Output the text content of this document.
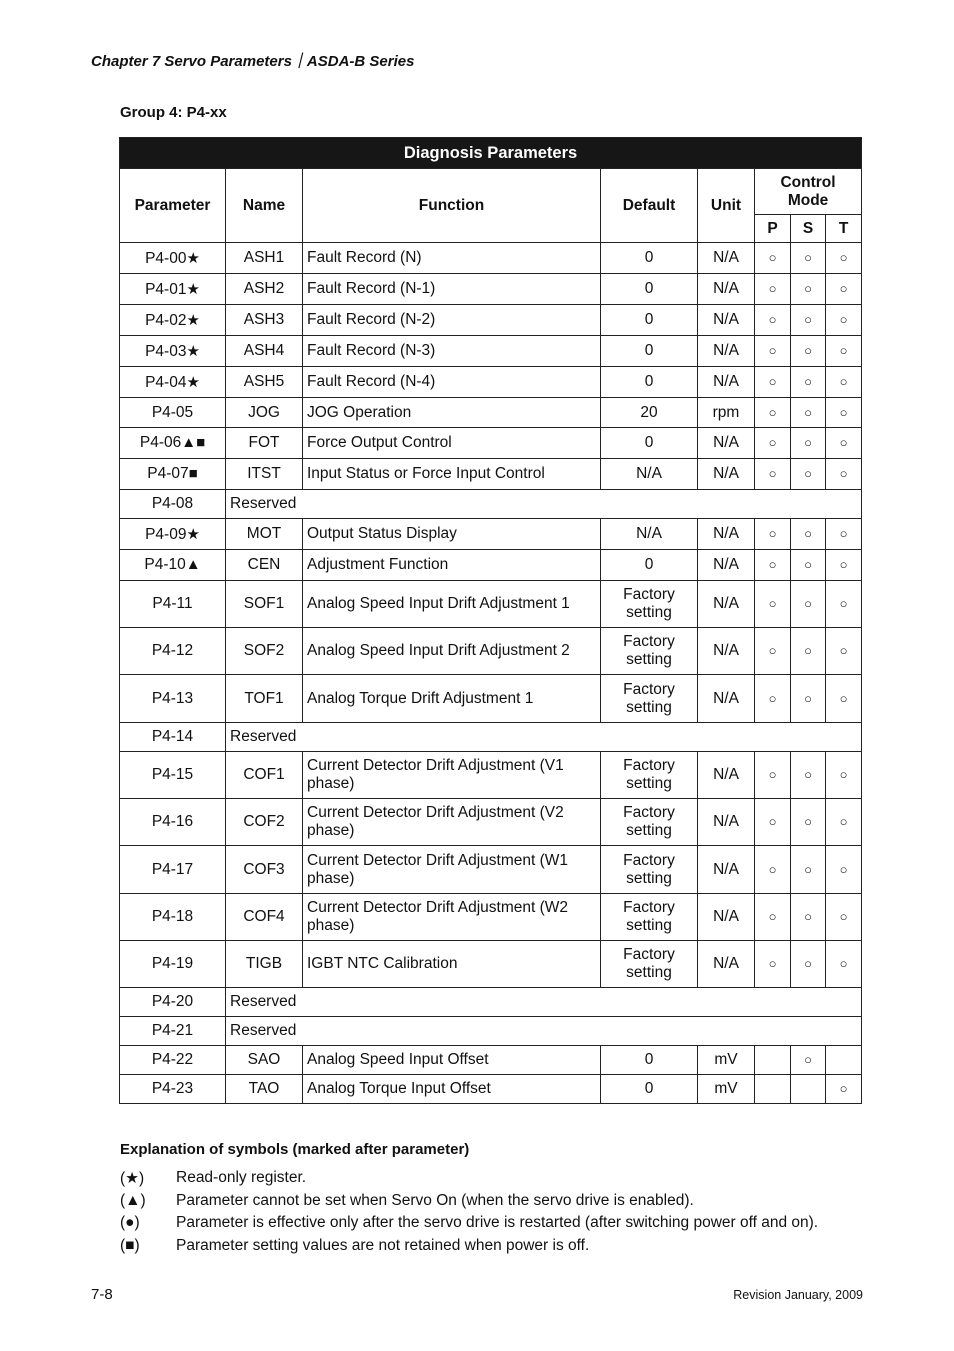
Chapter 7 Servo Parameters｜ASDA-B Series
Group 4: P4-xx
Diagnosis Parameters							
Parameter	Name	Function	Default	Unit	Control Mode		
					P	S	T
P4-00★	ASH1	Fault Record (N)	0	N/A	○	○	○
P4-01★	ASH2	Fault Record (N-1)	0	N/A	○	○	○
P4-02★	ASH3	Fault Record (N-2)	0	N/A	○	○	○
P4-03★	ASH4	Fault Record (N-3)	0	N/A	○	○	○
P4-04★	ASH5	Fault Record (N-4)	0	N/A	○	○	○
P4-05	JOG	JOG Operation	20	rpm	○	○	○
P4-06▲■	FOT	Force Output Control	0	N/A	○	○	○
P4-07■	ITST	Input Status or Force Input Control	N/A	N/A	○	○	○
P4-08	Reserved						
P4-09★	MOT	Output Status Display	N/A	N/A	○	○	○
P4-10▲	CEN	Adjustment Function	0	N/A	○	○	○
P4-11	SOF1	Analog Speed Input Drift Adjustment 1	Factory setting	N/A	○	○	○
P4-12	SOF2	Analog Speed Input Drift Adjustment 2	Factory setting	N/A	○	○	○
P4-13	TOF1	Analog Torque Drift Adjustment 1	Factory setting	N/A	○	○	○
P4-14	Reserved						
P4-15	COF1	Current Detector Drift Adjustment (V1 phase)	Factory setting	N/A	○	○	○
P4-16	COF2	Current Detector Drift Adjustment (V2 phase)	Factory setting	N/A	○	○	○
P4-17	COF3	Current Detector Drift Adjustment (W1 phase)	Factory setting	N/A	○	○	○
P4-18	COF4	Current Detector Drift Adjustment (W2 phase)	Factory setting	N/A	○	○	○
P4-19	TIGB	IGBT NTC Calibration	Factory setting	N/A	○	○	○
P4-20	Reserved						
P4-21	Reserved						
P4-22	SAO	Analog Speed Input Offset	0	mV		○	
P4-23	TAO	Analog Torque Input Offset	0	mV			○
Explanation of symbols (marked after parameter)
(★)	Read-only register.
(▲)	Parameter cannot be set when Servo On (when the servo drive is enabled).
(●)	Parameter is effective only after the servo drive is restarted (after switching power off and on).
(■)	Parameter setting values are not retained when power is off.
7-8	Revision January, 2009
